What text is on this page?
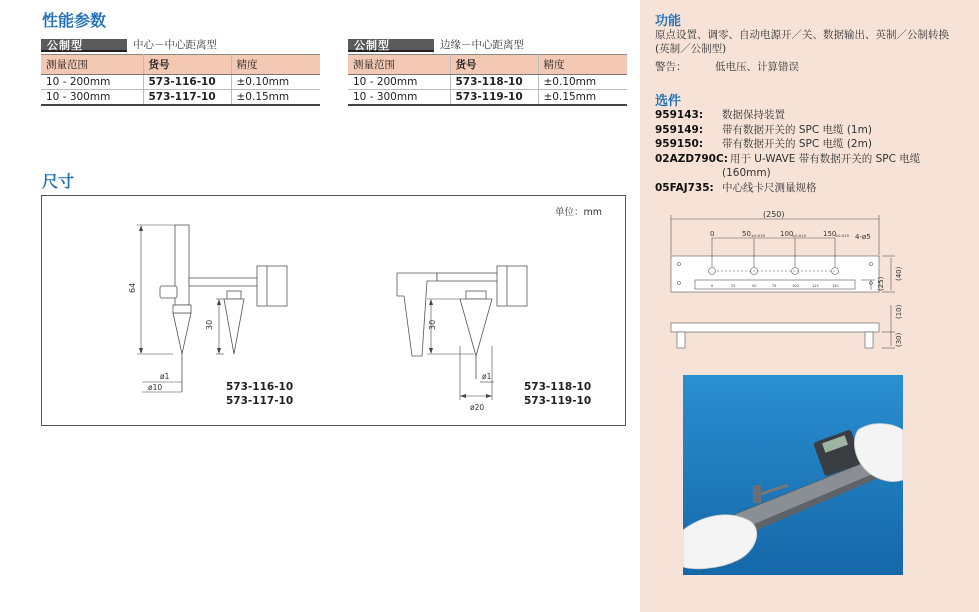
性能参数
公制型	中心－中心距离型
测量范围	货号	精度
10 - 200mm	573-116-10	±0.10mm
10 - 300mm	573-117-10	±0.15mm
公制型	边缘－中心距离型
测量范围	货号	精度
10 - 200mm	573-118-10	±0.10mm
10 - 300mm	573-119-10	±0.15mm
尺寸
64
30
ø1
ø10
30
ø1
ø20
单位：mm
573-116-10
573-117-10
573-118-10
573-119-10
功能
原点设置、调零、自动电源开／关、数据输出、英制／公制转换 (英制／公制型)
警告：	低电压、计算错误
选件
959143:	数据保持装置
959149:	带有数据开关的 SPC 电缆 (1m)
959150:	带有数据开关的 SPC 电缆 (2m)
02AZD790C: 用于 U-WAVE 带有数据开关的 SPC 电缆
(160mm)
05FAJ735: 中心线卡尺测量规格
(250)
0	50 ±0.015 100
±0.015 150
±0.015 4-ø5
(40)
(25)
(10)
(30)
0	25	50	75	100	125	150
